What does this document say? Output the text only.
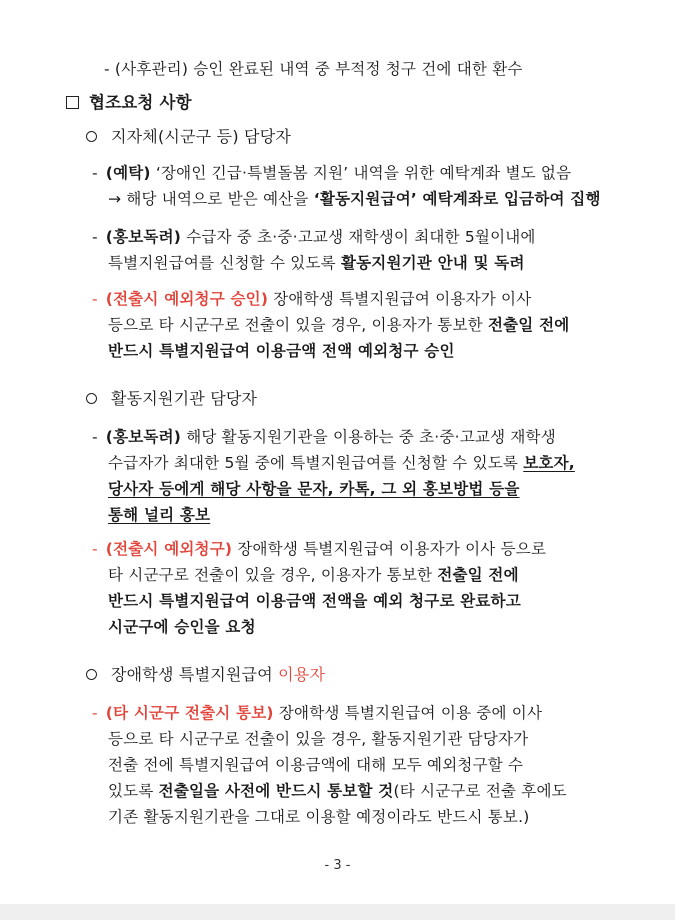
- (사후관리) 승인 완료된 내역 중 부적정 청구 건에 대한 환수
협조요청 사항
지자체(시군구 등) 담당자
- (예탁) ‘장애인 긴급·특별돌봄 지원’ 내역을 위한 예탁계좌 별도 없음
→ 해당 내역으로 받은 예산을 ‘활동지원급여’ 예탁계좌로 입금하여 집행
- (홍보독려) 수급자 중 초·중·고교생 재학생이 최대한 5월이내에
특별지원급여를 신청할 수 있도록 활동지원기관 안내 및 독려
- (전출시 예외청구 승인) 장애학생 특별지원급여 이용자가 이사
등으로 타 시군구로 전출이 있을 경우, 이용자가 통보한 전출일 전에
반드시 특별지원급여 이용금액 전액 예외청구 승인
활동지원기관 담당자
- (홍보독려) 해당 활동지원기관을 이용하는 중 초·중·고교생 재학생
수급자가 최대한 5월 중에 특별지원급여를 신청할 수 있도록 보호자,
당사자 등에게 해당 사항을 문자, 카톡, 그 외 홍보방법 등을
통해 널리 홍보
- (전출시 예외청구) 장애학생 특별지원급여 이용자가 이사 등으로
타 시군구로 전출이 있을 경우, 이용자가 통보한 전출일 전에
반드시 특별지원급여 이용금액 전액을 예외 청구로 완료하고
시군구에 승인을 요청
장애학생 특별지원급여 이용자
- (타 시군구 전출시 통보) 장애학생 특별지원급여 이용 중에 이사
등으로 타 시군구로 전출이 있을 경우, 활동지원기관 담당자가
전출 전에 특별지원급여 이용금액에 대해 모두 예외청구할 수
있도록 전출일을 사전에 반드시 통보할 것(타 시군구로 전출 후에도
기존 활동지원기관을 그대로 이용할 예정이라도 반드시 통보.)
- 3 -
